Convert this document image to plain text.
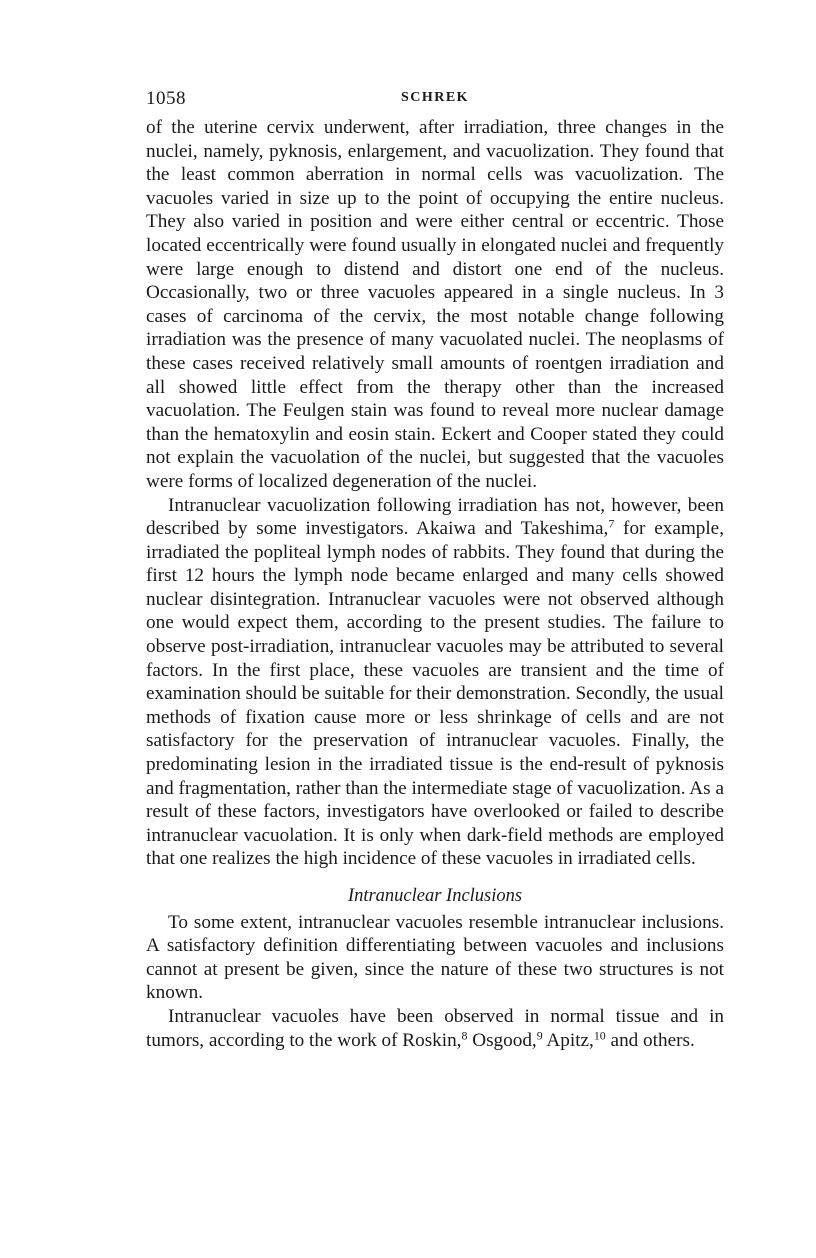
1058	SCHREK

of the uterine cervix underwent, after irradiation, three changes in the nuclei, namely, pyknosis, enlargement, and vacuolization. They found that the least common aberration in normal cells was vacuolization. The vacuoles varied in size up to the point of occupying the entire nucleus. They also varied in position and were either central or eccentric. Those located eccentrically were found usually in elongated nuclei and frequently were large enough to distend and distort one end of the nucleus. Occasionally, two or three vacuoles appeared in a single nucleus. In 3 cases of carcinoma of the cervix, the most notable change following irradiation was the presence of many vacuolated nuclei. The neoplasms of these cases received relatively small amounts of roentgen irradiation and all showed little effect from the therapy other than the increased vacuolation. The Feulgen stain was found to reveal more nuclear damage than the hematoxylin and eosin stain. Eckert and Cooper stated they could not explain the vacuolation of the nuclei, but suggested that the vacuoles were forms of localized degeneration of the nuclei.

Intranuclear vacuolization following irradiation has not, however, been described by some investigators. Akaiwa and Takeshima,$^7$ for example, irradiated the popliteal lymph nodes of rabbits. They found that during the first 12 hours the lymph node became enlarged and many cells showed nuclear disintegration. Intranuclear vacuoles were not observed although one would expect them, according to the present studies. The failure to observe post-irradiation, intranuclear vacuoles may be attributed to several factors. In the first place, these vacuoles are transient and the time of examination should be suitable for their demonstration. Secondly, the usual methods of fixation cause more or less shrinkage of cells and are not satisfactory for the preservation of intranuclear vacuoles. Finally, the predominating lesion in the irradiated tissue is the end-result of pyknosis and fragmentation, rather than the intermediate stage of vacuolization. As a result of these factors, investigators have overlooked or failed to describe intranuclear vacuolation. It is only when dark-field methods are employed that one realizes the high incidence of these vacuoles in irradiated cells.

Intranuclear Inclusions

To some extent, intranuclear vacuoles resemble intranuclear inclusions. A satisfactory definition differentiating between vacuoles and inclusions cannot at present be given, since the nature of these two structures is not known.

Intranuclear vacuoles have been observed in normal tissue and in tumors, according to the work of Roskin,$^8$ Osgood,$^9$ Apitz,$^{10}$ and others.
